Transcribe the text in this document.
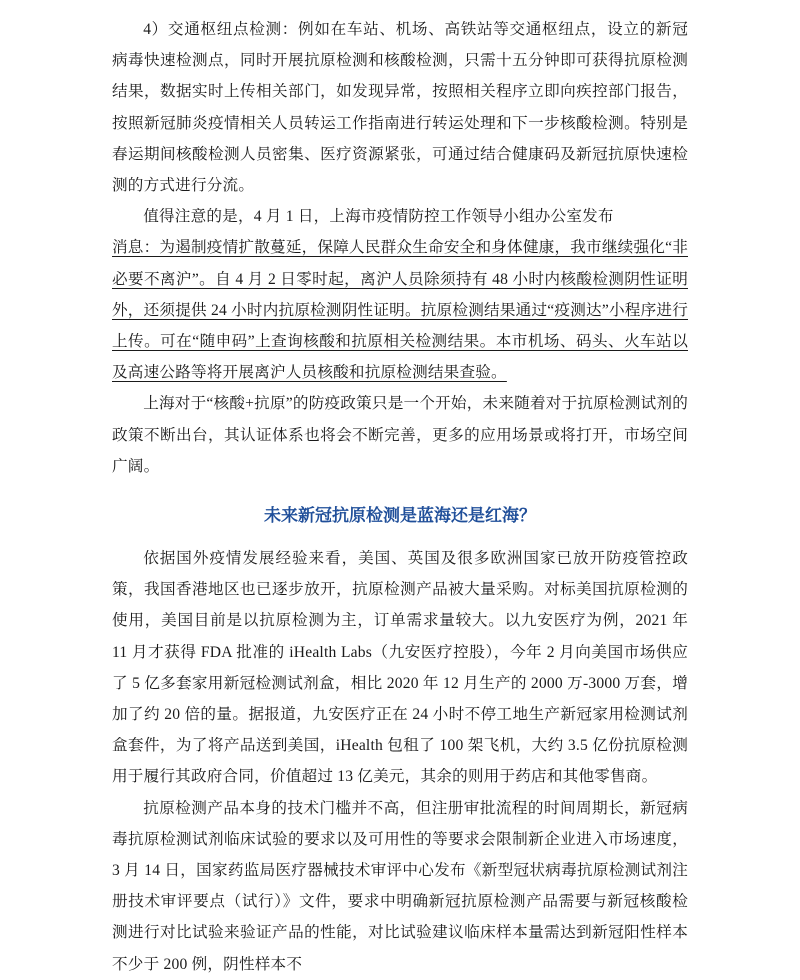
4）交通枢纽点检测：例如在车站、机场、高铁站等交通枢纽点，设立的新冠病毒快速检测点，同时开展抗原检测和核酸检测，只需十五分钟即可获得抗原检测结果，数据实时上传相关部门，如发现异常，按照相关程序立即向疾控部门报告，按照新冠肺炎疫情相关人员转运工作指南进行转运处理和下一步核酸检测。特别是春运期间核酸检测人员密集、医疗资源紧张，可通过结合健康码及新冠抗原快速检测的方式进行分流。

值得注意的是，4 月 1 日，上海市疫情防控工作领导小组办公室发布

消息：为遏制疫情扩散蔓延，保障人民群众生命安全和身体健康，我市继续强化“非必要不离沪”。自 4 月 2 日零时起，离沪人员除须持有 48 小时内核酸检测阴性证明外，还须提供 24 小时内抗原检测阴性证明。抗原检测结果通过“疫测达”小程序进行上传。可在“随申码”上查询核酸和抗原相关检测结果。本市机场、码头、火车站以及高速公路等将开展离沪人员核酸和抗原检测结果查验。

上海对于“核酸+抗原”的防疫政策只是一个开始，未来随着对于抗原检测试剂的政策不断出台，其认证体系也将会不断完善，更多的应用场景或将打开，市场空间广阔。

未来新冠抗原检测是蓝海还是红海？

依据国外疫情发展经验来看，美国、英国及很多欧洲国家已放开防疫管控政策，我国香港地区也已逐步放开，抗原检测产品被大量采购。对标美国抗原检测的使用，美国目前是以抗原检测为主，订单需求量较大。以九安医疗为例，2021 年 11 月才获得 FDA 批准的 iHealth Labs（九安医疗控股），今年 2 月向美国市场供应了 5 亿多套家用新冠检测试剂盒，相比 2020 年 12 月生产的 2000 万-3000 万套，增加了约 20 倍的量。据报道，九安医疗正在 24 小时不停工地生产新冠家用检测试剂盒套件，为了将产品送到美国，iHealth 包租了 100 架飞机，大约 3.5 亿份抗原检测用于履行其政府合同，价值超过 13 亿美元，其余的则用于药店和其他零售商。

抗原检测产品本身的技术门槛并不高，但注册审批流程的时间周期长，新冠病毒抗原检测试剂临床试验的要求以及可用性的等要求会限制新企业进入市场速度，3 月 14 日，国家药监局医疗器械技术审评中心发布《新型冠状病毒抗原检测试剂注册技术审评要点（试行）》文件，要求中明确新冠抗原检测产品需要与新冠核酸检测进行对比试验来验证产品的性能，对比试验建议临床样本量需达到新冠阳性样本不少于 200 例，阴性样本不
